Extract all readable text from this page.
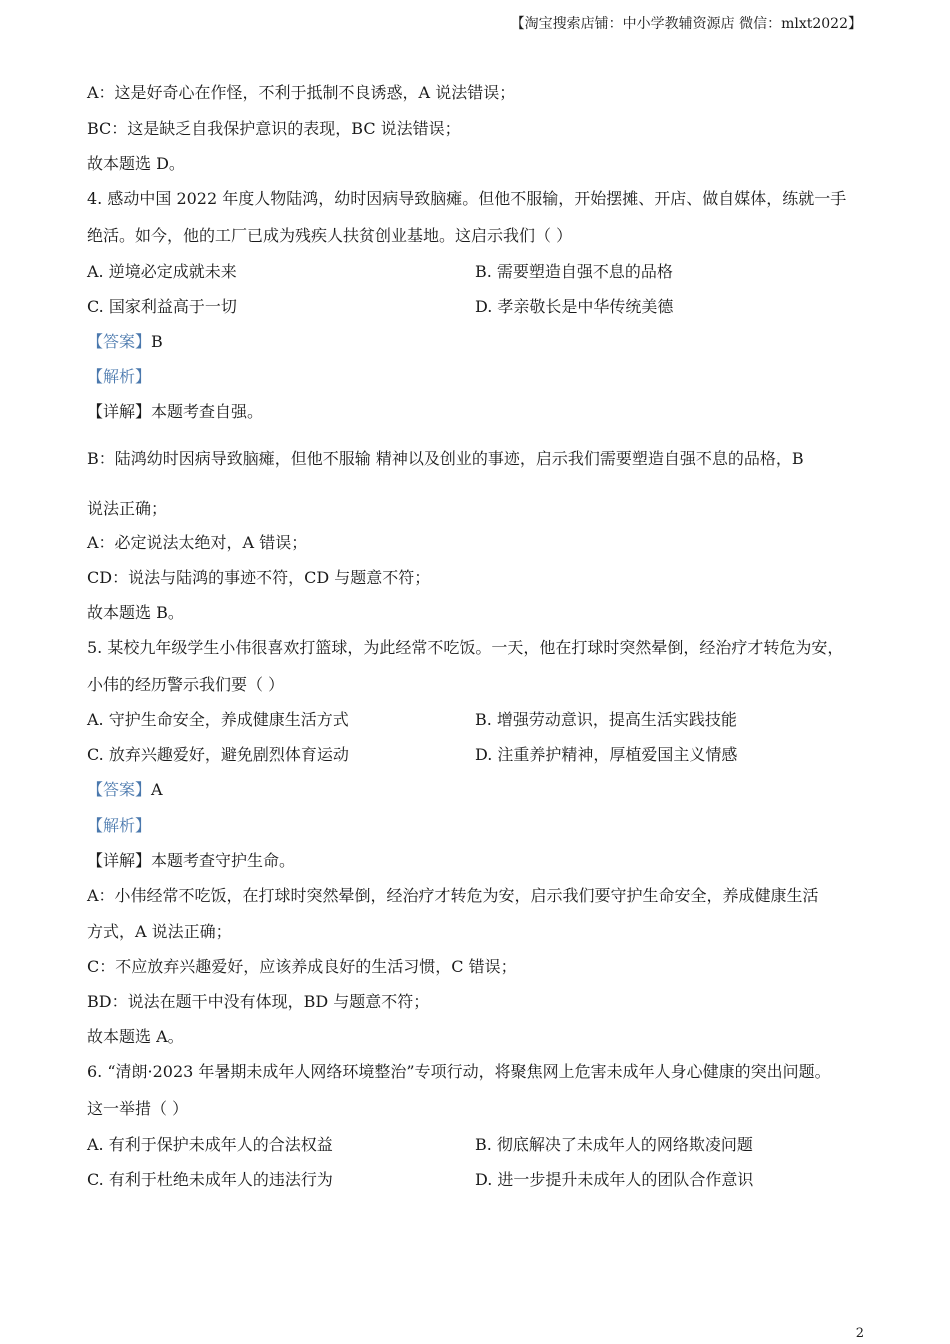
【淘宝搜索店铺：中小学教辅资源店 微信：mlxt2022】
A：这是好奇心在作怪，不利于抵制不良诱惑，A 说法错误；
BC：这是缺乏自我保护意识的表现，BC 说法错误；
故本题选 D。
4. 感动中国 2022 年度人物陆鸿，幼时因病导致脑瘫。但他不服输，开始摆摊、开店、做自媒体，练就一手
绝活。如今，他的工厂已成为残疾人扶贫创业基地。这启示我们（ ）
A. 逆境必定成就未来	B. 需要塑造自强不息的品格
C. 国家利益高于一切	D. 孝亲敬长是中华传统美德
【答案】B
【解析】
【详解】本题考查自强。
B：陆鸿幼时因病导致脑瘫，但他不服输 精神以及创业的事迹，启示我们需要塑造自强不息的品格，B
说法正确；
A：必定说法太绝对，A 错误；
CD：说法与陆鸿的事迹不符，CD 与题意不符；
故本题选 B。
5. 某校九年级学生小伟很喜欢打篮球，为此经常不吃饭。一天，他在打球时突然晕倒，经治疗才转危为安，
小伟的经历警示我们要（ ）
A. 守护生命安全，养成健康生活方式	B. 增强劳动意识，提高生活实践技能
C. 放弃兴趣爱好，避免剧烈体育运动	D. 注重养护精神，厚植爱国主义情感
【答案】A
【解析】
【详解】本题考查守护生命。
A：小伟经常不吃饭，在打球时突然晕倒，经治疗才转危为安，启示我们要守护生命安全，养成健康生活
方式，A 说法正确；
C：不应放弃兴趣爱好，应该养成良好的生活习惯，C 错误；
BD：说法在题干中没有体现，BD 与题意不符；
故本题选 A。
6. “清朗·2023 年暑期未成年人网络环境整治”专项行动，将聚焦网上危害未成年人身心健康的突出问题。
这一举措（ ）
A. 有利于保护未成年人的合法权益	B. 彻底解决了未成年人的网络欺凌问题
C. 有利于杜绝未成年人的违法行为	D. 进一步提升未成年人的团队合作意识
2
